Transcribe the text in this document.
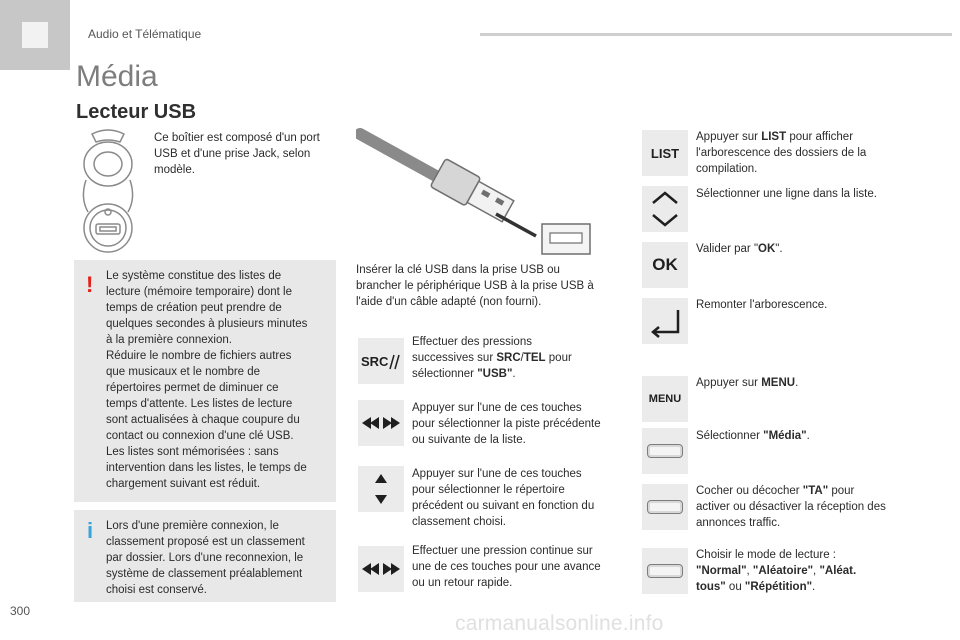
Audio et Télématique
Média
Lecteur USB
Ce boîtier est composé d'un port USB et d'une prise Jack, selon modèle.
! Le système constitue des listes de
lecture (mémoire temporaire) dont le
temps de création peut prendre de
quelques secondes à plusieurs minutes
à la première connexion.
Réduire le nombre de fichiers autres
que musicaux et le nombre de
répertoires permet de diminuer ce
temps d'attente. Les listes de lecture
sont actualisées à chaque coupure du
contact ou connexion d'une clé USB.
Les listes sont mémorisées : sans
intervention dans les listes, le temps de
chargement suivant est réduit.
i Lors d'une première connexion, le
classement proposé est un classement
par dossier. Lors d'une reconnexion, le
système de classement préalablement
choisi est conservé.
Insérer la clé USB dans la prise USB ou
brancher le périphérique USB à la prise USB à
l'aide d'un câble adapté (non fourni).
SRC
Effectuer des pressions
successives sur SRC/TEL pour
sélectionner "USB".
Appuyer sur l'une de ces touches
pour sélectionner la piste précédente
ou suivante de la liste.
Appuyer sur l'une de ces touches
pour sélectionner le répertoire
précédent ou suivant en fonction du
classement choisi.
Effectuer une pression continue sur
une de ces touches pour une avance
ou un retour rapide.
LIST
Appuyer sur LIST pour afficher
l'arborescence des dossiers de la
compilation.
Sélectionner une ligne dans la liste.
OK
Valider par "OK".
Remonter l'arborescence.
MENU
Appuyer sur MENU.
Sélectionner "Média".
Cocher ou décocher "TA" pour
activer ou désactiver la réception des
annonces traffic.
Choisir le mode de lecture :
"Normal", "Aléatoire", "Aléat.
tous" ou "Répétition".
300
carmanualsonline.info
